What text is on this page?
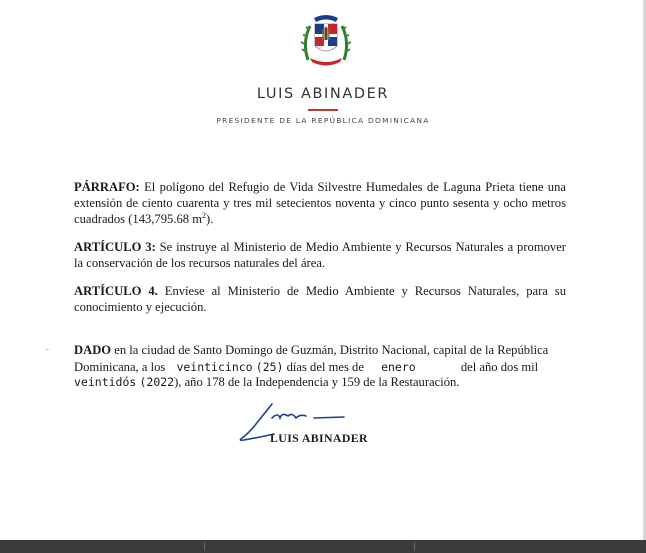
LUIS ABINADER
PRESIDENTE DE LA REPÚBLICA DOMINICANA

PÁRRAFO: El polígono del Refugio de Vida Silvestre Humedales de Laguna Prieta tiene una extensión de ciento cuarenta y tres mil setecientos noventa y cinco punto sesenta y ocho metros cuadrados (143,795.68 $m^2$).

ARTÍCULO 3: Se instruye al Ministerio de Medio Ambiente y Recursos Naturales a promover la conservación de los recursos naturales del área.

ARTÍCULO 4. Envíese al Ministerio de Medio Ambiente y Recursos Naturales, para su conocimiento y ejecución.

DADO en la ciudad de Santo Domingo de Guzmán, Distrito Nacional, capital de la República

Dominicana, a los veinticinco (25) días del mes de enero	del año dos mil
veintidós (2022), año 178 de la Independencia y 159 de la Restauración.
LUIS ABINADER
